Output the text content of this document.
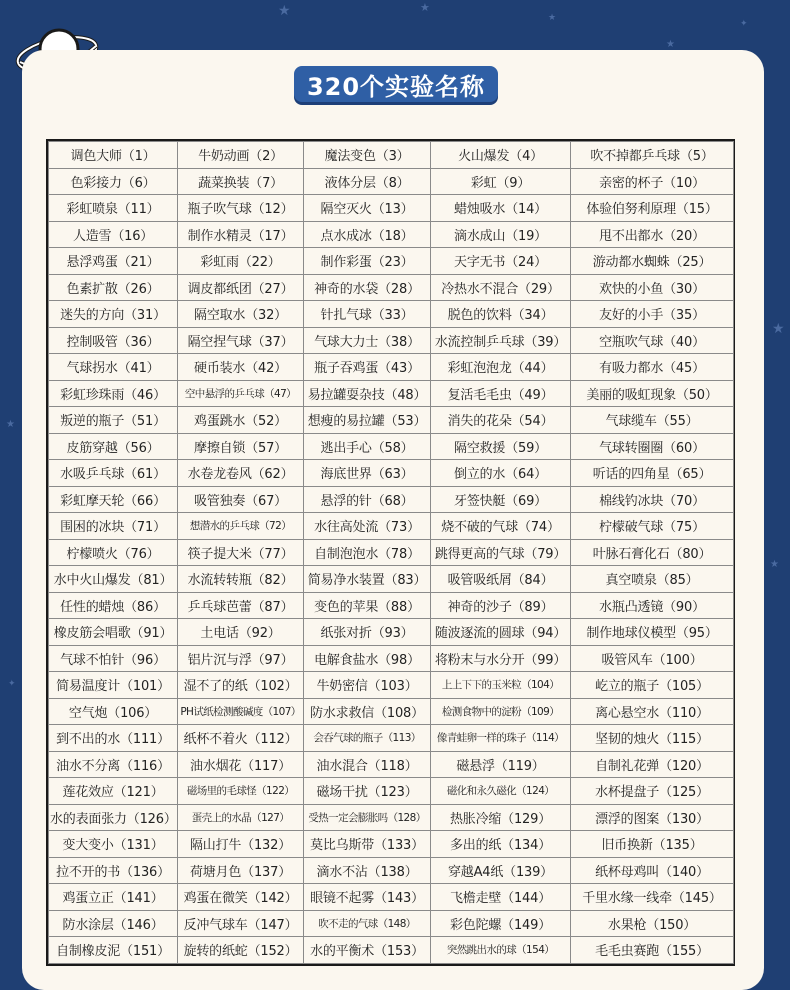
★	★
★
★
✦
★
★
★
✦
320个实验名称
调色大师（1）	牛奶动画（2）	魔法变色（3）	火山爆发（4）	吹不掉都乒乓球（5）
色彩接力（6）	蔬菜换装（7）	液体分层（8）	彩虹（9）	亲密的杯子（10）
彩虹喷泉（11）	瓶子吹气球（12）	隔空灭火（13）	蜡烛吸水（14）	体验伯努利原理（15）
人造雪（16）	制作水精灵（17）	点水成冰（18）	滴水成山（19）	甩不出都水（20）
悬浮鸡蛋（21）	彩虹雨（22）	制作彩蛋（23）	天字无书（24）	游动都水蜘蛛（25）
色素扩散（26）	调皮都纸团（27）	神奇的水袋（28）	冷热水不混合（29）	欢快的小鱼（30）
迷失的方向（31）	隔空取水（32）	针扎气球（33）	脱色的饮料（34）	友好的小手（35）
控制吸管（36）	隔空捏气球（37）	气球大力士（38）	水流控制乒乓球（39）	空瓶吹气球（40）
气球拐水（41）	硬币装水（42）	瓶子吞鸡蛋（43）	彩虹泡泡龙（44）	有吸力都水（45）
彩虹珍珠雨（46）	空中悬浮的乒乓球（47）	易拉罐耍杂技（48）	复活毛毛虫（49）	美丽的吸虹现象（50）
叛逆的瓶子（51）	鸡蛋跳水（52）	想瘦的易拉罐（53）	消失的花朵（54）	气球缆车（55）
皮筋穿越（56）	摩擦自锁（57）	逃出手心（58）	隔空救援（59）	气球转圈圈（60）
水吸乒乓球（61）	水卷龙卷风（62）	海底世界（63）	倒立的水（64）	听话的四角星（65）
彩虹摩天轮（66）	吸管独奏（67）	悬浮的针（68）	牙签快艇（69）	棉线钓冰块（70）
围困的冰块（71）	想潜水的乒乓球（72）	水往高处流（73）	烧不破的气球（74）	柠檬破气球（75）
柠檬喷火（76）	筷子提大米（77）	自制泡泡水（78）	跳得更高的气球（79）	叶脉石膏化石（80）
水中火山爆发（81）	水流转转瓶（82）	简易净水装置（83）	吸管吸纸屑（84）	真空喷泉（85）
任性的蜡烛（86）	乒乓球芭蕾（87）	变色的苹果（88）	神奇的沙子（89）	水瓶凸透镜（90）
橡皮筋会唱歌（91）	土电话（92）	纸张对折（93）	随波逐流的圆球（94）	制作地球仪模型（95）
气球不怕针（96）	铝片沉与浮（97）	电解食盐水（98）	将粉末与水分开（99）	吸管风车（100）
简易温度计（101）	湿不了的纸（102）	牛奶密信（103）	上上下下的玉米粒（104）	屹立的瓶子（105）
空气炮（106）	PH试纸检测酸碱度（107）	防水求救信（108）	检测食物中的淀粉（109）	离心悬空水（110）
到不出的水（111）	纸杯不着火（112）	会吞气球的瓶子（113）	像青蛙卵一样的珠子（114）	坚韧的烛火（115）
油水不分离（116）	油水烟花（117）	油水混合（118）	磁悬浮（119）	自制礼花弹（120）
莲花效应（121）	磁场里的毛球怪（122）	磁场干扰（123）	磁化和永久磁化（124）	水杯提盘子（125）
水的表面张力（126）	蛋壳上的水晶（127）	受热一定会膨胀吗（128）	热胀冷缩（129）	漂浮的图案（130）
变大变小（131）	隔山打牛（132）	莫比乌斯带（133）	多出的纸（134）	旧币换新（135）
拉不开的书（136）	荷塘月色（137）	滴水不沾（138）	穿越A4纸（139）	纸杯母鸡叫（140）
鸡蛋立正（141）	鸡蛋在微笑（142）	眼镜不起雾（143）	飞檐走壁（144）	千里水缘一线牵（145）
防水涂层（146）	反冲气球车（147）	吹不走的气球（148）	彩色陀螺（149）	水果枪（150）
自制橡皮泥（151）	旋转的纸蛇（152）	水的平衡术（153）	突然跳出水的球（154）	毛毛虫赛跑（155）
